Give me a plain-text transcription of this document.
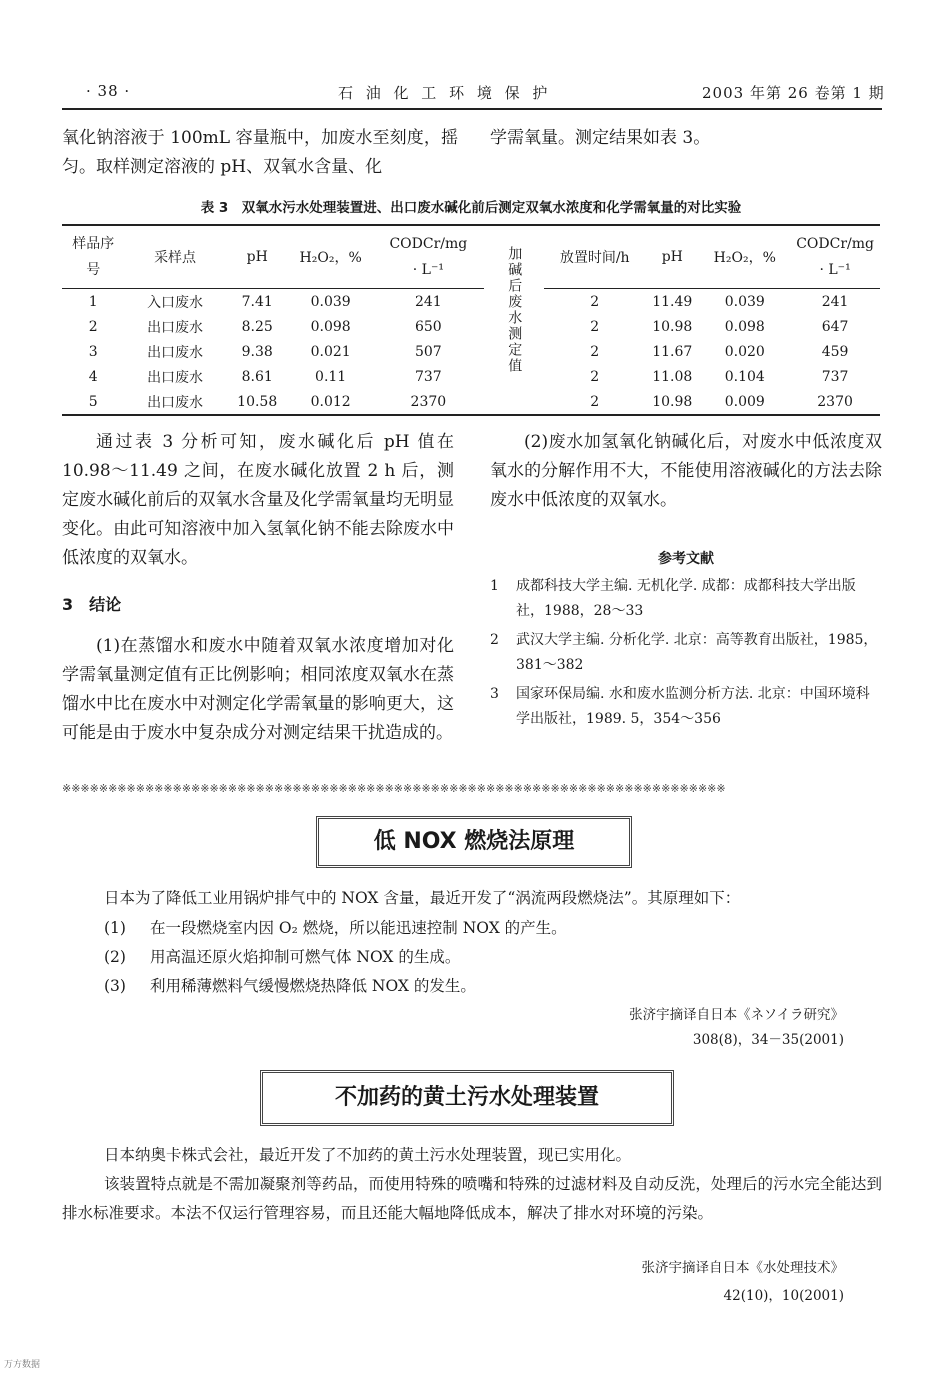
· 38 ·	石 油 化 工 环 境 保 护	2003 年第 26 卷第 1 期
氧化钠溶液于 100mL 容量瓶中，加废水至刻度，摇匀。取样测定溶液的 pH、双氧水含量、化
学需氧量。测定结果如表 3。
表 3　双氧水污水处理装置进、出口废水碱化前后测定双氧水浓度和化学需氧量的对比实验
样品序号	采样点	pH	H₂O₂，%	CODCr/mg · L⁻¹	加碱后废水测定值	放置时间/h	pH	H₂O₂，%	CODCr/mg · L⁻¹
1	入口废水	7.41	0.039	241		2	11.49	0.039	241
2	出口废水	8.25	0.098	650		2	10.98	0.098	647
3	出口废水	9.38	0.021	507		2	11.67	0.020	459
4	出口废水	8.61	0.11	737		2	11.08	0.104	737
5	出口废水	10.58	0.012	2370		2	10.98	0.009	2370
通过表 3 分析可知，废水碱化后 pH 值在 10.98～11.49 之间，在废水碱化放置 2 h 后，测定废水碱化前后的双氧水含量及化学需氧量均无明显变化。由此可知溶液中加入氢氧化钠不能去除废水中低浓度的双氧水。
3　结论
(1)在蒸馏水和废水中随着双氧水浓度增加对化学需氧量测定值有正比例影响；相同浓度双氧水在蒸馏水中比在废水中对测定化学需氧量的影响更大，这可能是由于废水中复杂成分对测定结果干扰造成的。
(2)废水加氢氧化钠碱化后，对废水中低浓度双氧水的分解作用不大，不能使用溶液碱化的方法去除废水中低浓度的双氧水。
参考文献
1	成都科技大学主编. 无机化学. 成都：成都科技大学出版社，1988，28～33
2	武汉大学主编. 分析化学. 北京：高等教育出版社，1985，381～382
3	国家环保局编. 水和废水监测分析方法. 北京：中国环境科学出版社，1989. 5，354～356
※※※※※※※※※※※※※※※※※※※※※※※※※※※※※※※※※※※※※※※※※※※※※※※※※※※※※※※※※※※※※※※※※※※※※※※※
低 NOX 燃烧法原理
日本为了降低工业用锅炉排气中的 NOX 含量，最近开发了“涡流两段燃烧法”。其原理如下：
(1)	在一段燃烧室内因 O₂ 燃烧，所以能迅速控制 NOX 的产生。
(2)	用高温还原火焰抑制可燃气体 NOX 的生成。
(3)	利用稀薄燃料气缓慢燃烧热降低 NOX 的发生。
张济宇摘译自日本《ネソイラ研究》
308(8)，34－35(2001)
不加药的黄土污水处理装置
日本纳奥卡株式会社，最近开发了不加药的黄土污水处理装置，现已实用化。
该装置特点就是不需加凝聚剂等药品，而使用特殊的喷嘴和特殊的过滤材料及自动反洗，处理后的污水完全能达到排水标准要求。本法不仅运行管理容易，而且还能大幅地降低成本，解决了排水对环境的污染。
张济宇摘译自日本《水处理技术》
42(10)，10(2001)
万方数据
